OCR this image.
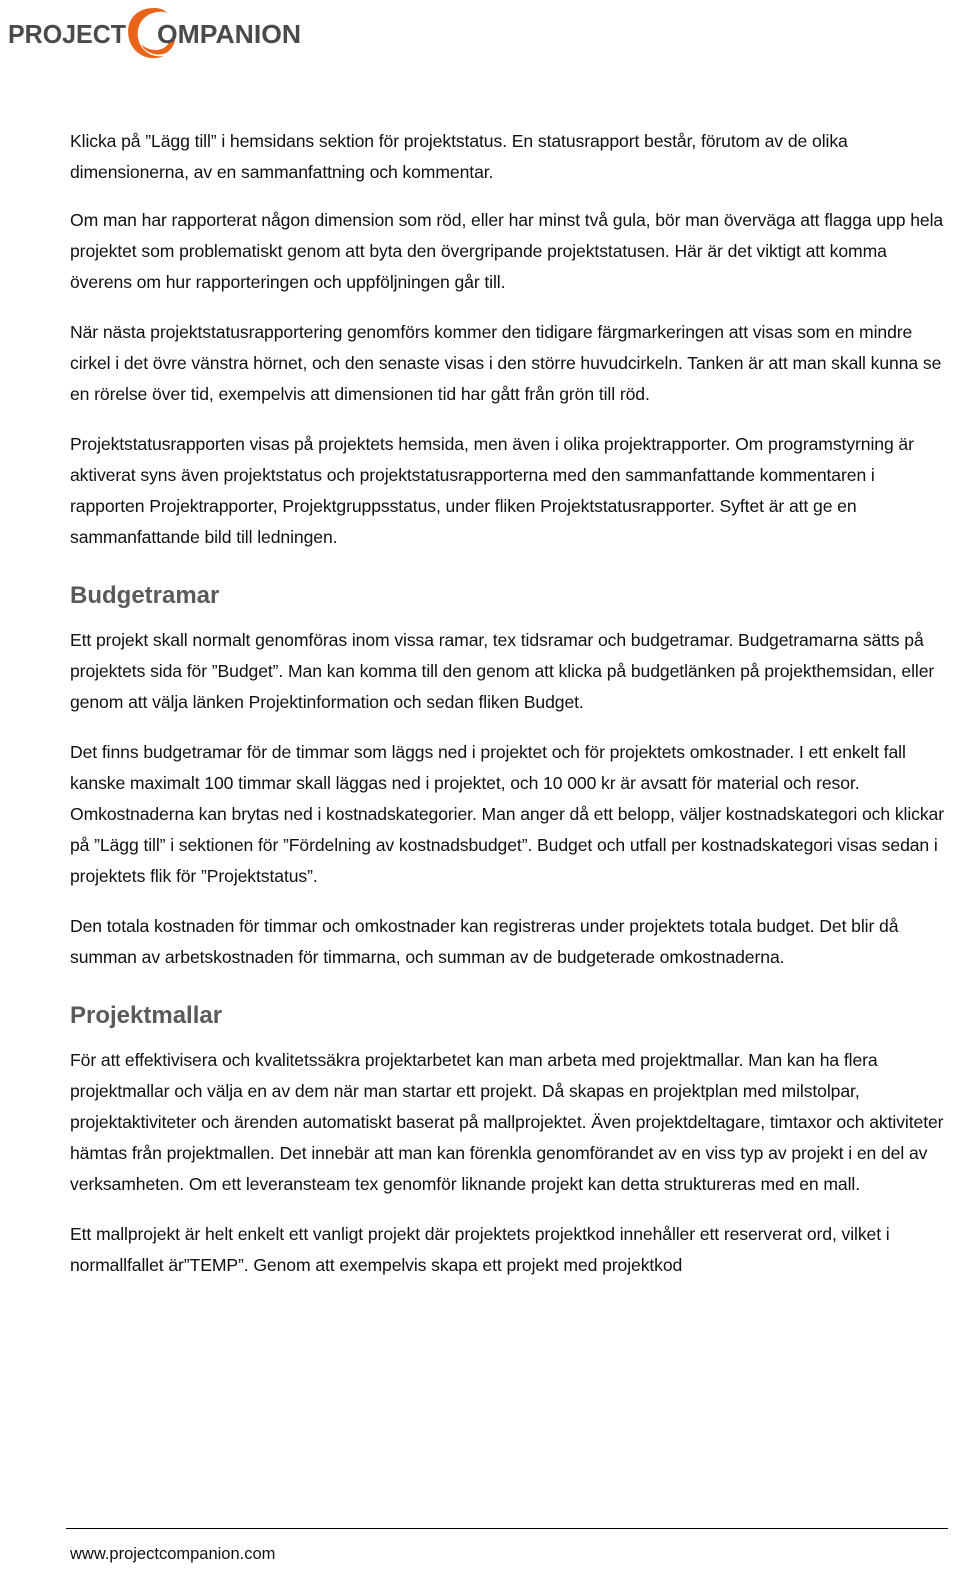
PROJECT OMPANION

Klicka på ”Lägg till” i hemsidans sektion för projektstatus. En statusrapport består, förutom av de olika dimensionerna, av en sammanfattning och kommentar.

Om man har rapporterat någon dimension som röd, eller har minst två gula, bör man överväga att flagga upp hela projektet som problematiskt genom att byta den övergripande projektstatusen. Här är det viktigt att komma överens om hur rapporteringen och uppföljningen går till.

När nästa projektstatusrapportering genomförs kommer den tidigare färgmarkeringen att visas som en mindre cirkel i det övre vänstra hörnet, och den senaste visas i den större huvudcirkeln. Tanken är att man skall kunna se en rörelse över tid, exempelvis att dimensionen tid har gått från grön till röd.

Projektstatusrapporten visas på projektets hemsida, men även i olika projektrapporter. Om programstyrning är aktiverat syns även projektstatus och projektstatusrapporterna med den sammanfattande kommentaren i rapporten Projektrapporter, Projektgruppsstatus, under fliken Projektstatusrapporter. Syftet är att ge en sammanfattande bild till ledningen.

Budgetramar

Ett projekt skall normalt genomföras inom vissa ramar, tex tidsramar och budgetramar. Budgetramarna sätts på projektets sida för ”Budget”. Man kan komma till den genom att klicka på budgetlänken på projekthemsidan, eller genom att välja länken Projektinformation och sedan fliken Budget.

Det finns budgetramar för de timmar som läggs ned i projektet och för projektets omkostnader. I ett enkelt fall kanske maximalt 100 timmar skall läggas ned i projektet, och 10 000 kr är avsatt för material och resor. Omkostnaderna kan brytas ned i kostnadskategorier. Man anger då ett belopp, väljer kostnadskategori och klickar på ”Lägg till” i sektionen för ”Fördelning av kostnadsbudget”. Budget och utfall per kostnadskategori visas sedan i projektets flik för ”Projektstatus”.

Den totala kostnaden för timmar och omkostnader kan registreras under projektets totala budget. Det blir då summan av arbetskostnaden för timmarna, och summan av de budgeterade omkostnaderna.

Projektmallar

För att effektivisera och kvalitetssäkra projektarbetet kan man arbeta med projektmallar. Man kan ha flera projektmallar och välja en av dem när man startar ett projekt. Då skapas en projektplan med milstolpar, projektaktiviteter och ärenden automatiskt baserat på mallprojektet. Även projektdeltagare, timtaxor och aktiviteter hämtas från projektmallen. Det innebär att man kan förenkla genomförandet av en viss typ av projekt i en del av verksamheten. Om ett leveransteam tex genomför liknande projekt kan detta struktureras med en mall.

Ett mallprojekt är helt enkelt ett vanligt projekt där projektets projektkod innehåller ett reserverat ord, vilket i normallfallet är”TEMP”. Genom att exempelvis skapa ett projekt med projektkod

www.projectcompanion.com
